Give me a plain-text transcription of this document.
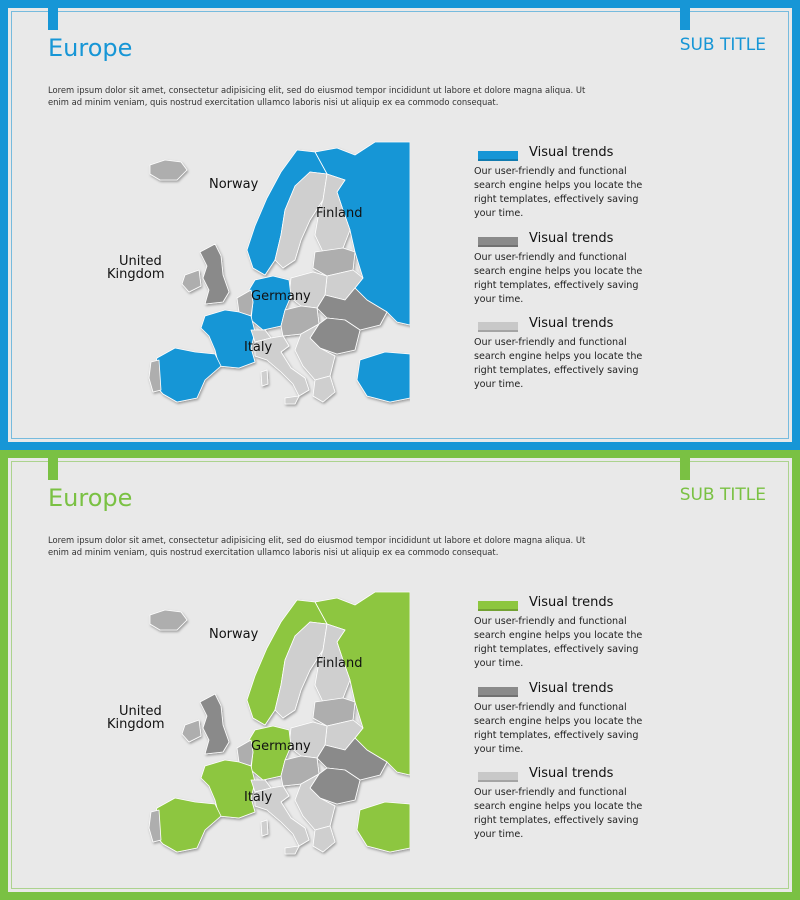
Europe	SUB TITLE
Lorem ipsum dolor sit amet, consectetur adipisicing elit, sed do eiusmod tempor incididunt ut labore et dolore magna aliqua. Ut enim ad minim veniam, quis nostrud exercitation ullamco laboris nisi ut aliquip ex ea commodo consequat.
Norway
Finland
United
Kingdom
Germany
Italy
Visual trends
Our user-friendly and functional search engine helps you locate the right templates, effectively saving your time.
Visual trends
Our user-friendly and functional search engine helps you locate the right templates, effectively saving your time.
Visual trends
Our user-friendly and functional search engine helps you locate the right templates, effectively saving your time.
Europe	SUB TITLE
Lorem ipsum dolor sit amet, consectetur adipisicing elit, sed do eiusmod tempor incididunt ut labore et dolore magna aliqua. Ut enim ad minim veniam, quis nostrud exercitation ullamco laboris nisi ut aliquip ex ea commodo consequat.
Norway
Finland
United
Kingdom
Germany
Italy
Visual trends
Our user-friendly and functional search engine helps you locate the right templates, effectively saving your time.
Visual trends
Our user-friendly and functional search engine helps you locate the right templates, effectively saving your time.
Visual trends
Our user-friendly and functional search engine helps you locate the right templates, effectively saving your time.
